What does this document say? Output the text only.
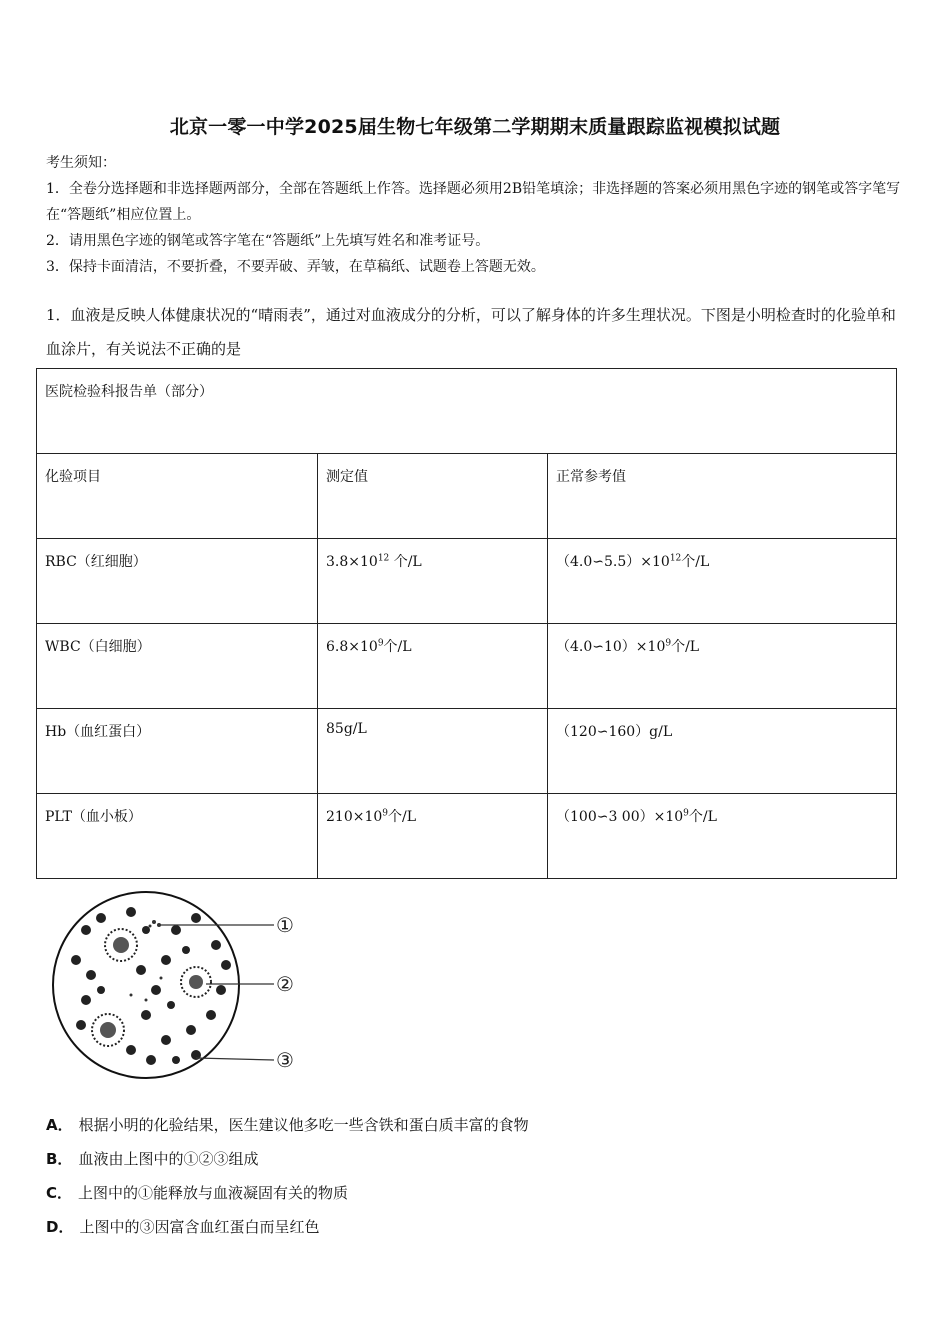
北京一零一中学2025届生物七年级第二学期期末质量跟踪监视模拟试题

考生须知：

1．全卷分选择题和非选择题两部分，全部在答题纸上作答。选择题必须用2B铅笔填涂；非选择题的答案必须用黑色字迹的钢笔或答字笔写在“答题纸”相应位置上。

2．请用黑色字迹的钢笔或答字笔在“答题纸”上先填写姓名和准考证号。

3．保持卡面清洁，不要折叠，不要弄破、弄皱，在草稿纸、试题卷上答题无效。

1．血液是反映人体健康状况的“晴雨表”，通过对血液成分的分析，可以了解身体的许多生理状况。下图是小明检查时的化验单和血涂片，有关说法不正确的是
医院检验科报告单（部分）		
化验项目	测定值	正常参考值
RBC（红细胞）	$3.8\times 10^{12}$ 个/L	$(4.0∽5.5)\times 10^{12}$个/L
WBC（白细胞）	$6.8\times 10^9$个/L	$(4.0∽10)\times 10^9$个/L
Hb（血红蛋白）	85g/L	（120∽160）g/L
PLT（血小板）	$210\times 10^9$个/L	（100∽3 $00)\times 10^9$个/L
①
②
③
A． 根据小明的化验结果，医生建议他多吃一些含铁和蛋白质丰富的食物
B． 血液由上图中的①②③组成
C． 上图中的①能释放与血液凝固有关的物质
D． 上图中的③因富含血红蛋白而呈红色
